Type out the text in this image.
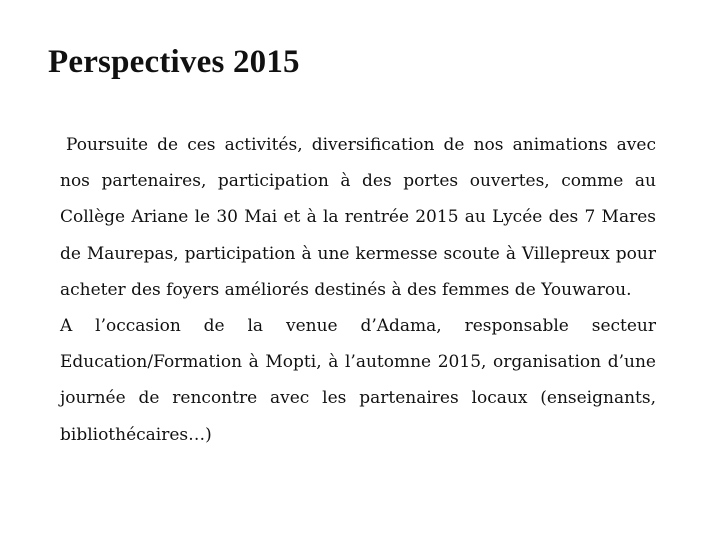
Perspectives 2015

Poursuite de ces activités, diversification de nos animations avec nos partenaires, participation à des portes ouvertes, comme au Collège Ariane le 30 Mai et à la rentrée 2015 au Lycée des 7 Mares de Maurepas, participation à une kermesse scoute à Villepreux pour acheter des foyers améliorés destinés à des femmes de Youwarou.

A l’occasion de la venue d’Adama, responsable secteur Education/Formation à Mopti, à l’automne 2015, organisation d’une journée de rencontre avec les partenaires locaux (enseignants, bibliothécaires…)
